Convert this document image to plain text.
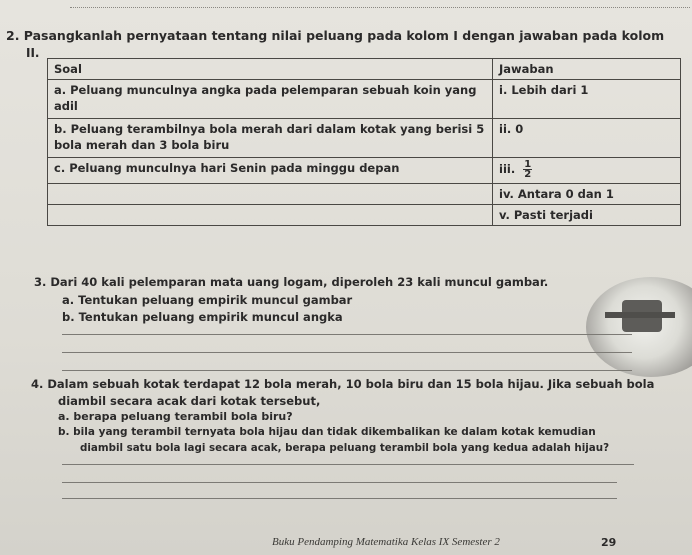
2. Pasangkanlah pernyataan tentang nilai peluang pada kolom I dengan jawaban pada kolom
II.
Soal	Jawaban
a. Peluang munculnya angka pada pelemparan sebuah koin yang adil	i. Lebih dari 1
b. Peluang terambilnya bola merah dari dalam kotak yang berisi 5 bola merah dan 3 bola biru	ii. 0
c. Peluang munculnya hari Senin pada minggu depan	iii. $\frac{1}{2}$

	iv. Antara 0 dan 1
	v. Pasti terjadi
3. Dari 40 kali pelemparan mata uang logam, diperoleh 23 kali muncul gambar.
a. Tentukan peluang empirik muncul gambar
b. Tentukan peluang empirik muncul angka
4. Dalam sebuah kotak terdapat 12 bola merah, 10 bola biru dan 15 bola hijau. Jika sebuah bola
diambil secara acak dari kotak tersebut,
a. berapa peluang terambil bola biru?
b. bila yang terambil ternyata bola hijau dan tidak dikembalikan ke dalam kotak kemudian
diambil satu bola lagi secara acak, berapa peluang terambil bola yang kedua adalah hijau?
Buku Pendamping Matematika Kelas IX Semester 2	29
